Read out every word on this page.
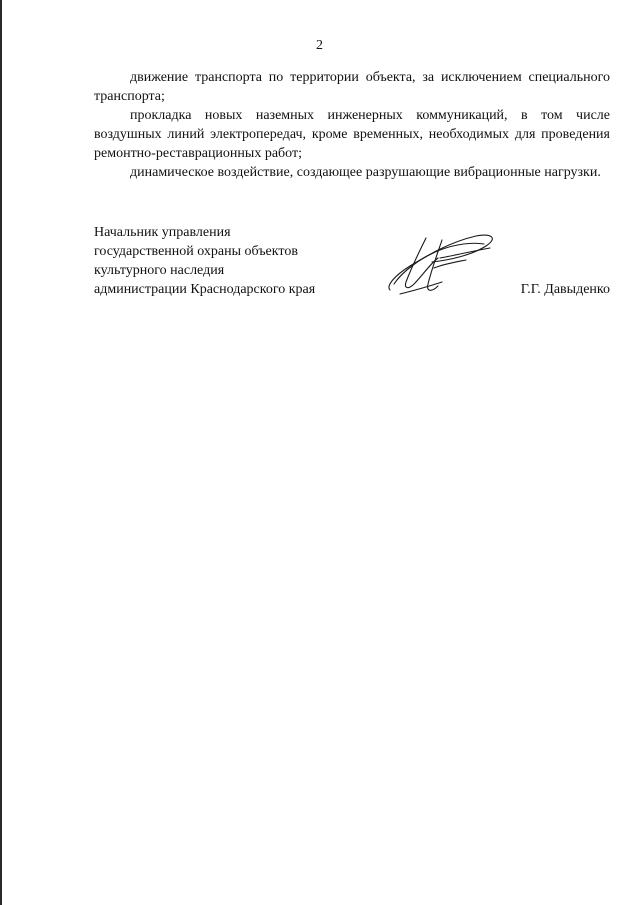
2

движение транспорта по территории объекта, за исключением специального транспорта;

прокладка новых наземных инженерных коммуникаций, в том числе воздушных линий электропередач, кроме временных, необходимых для проведения ремонтно-реставрационных работ;

динамическое воздействие, создающее разрушающие вибрационные нагрузки.

Начальник управления
государственной охраны объектов
культурного наследия
администрации Краснодарского края	Г.Г. Давыденко
